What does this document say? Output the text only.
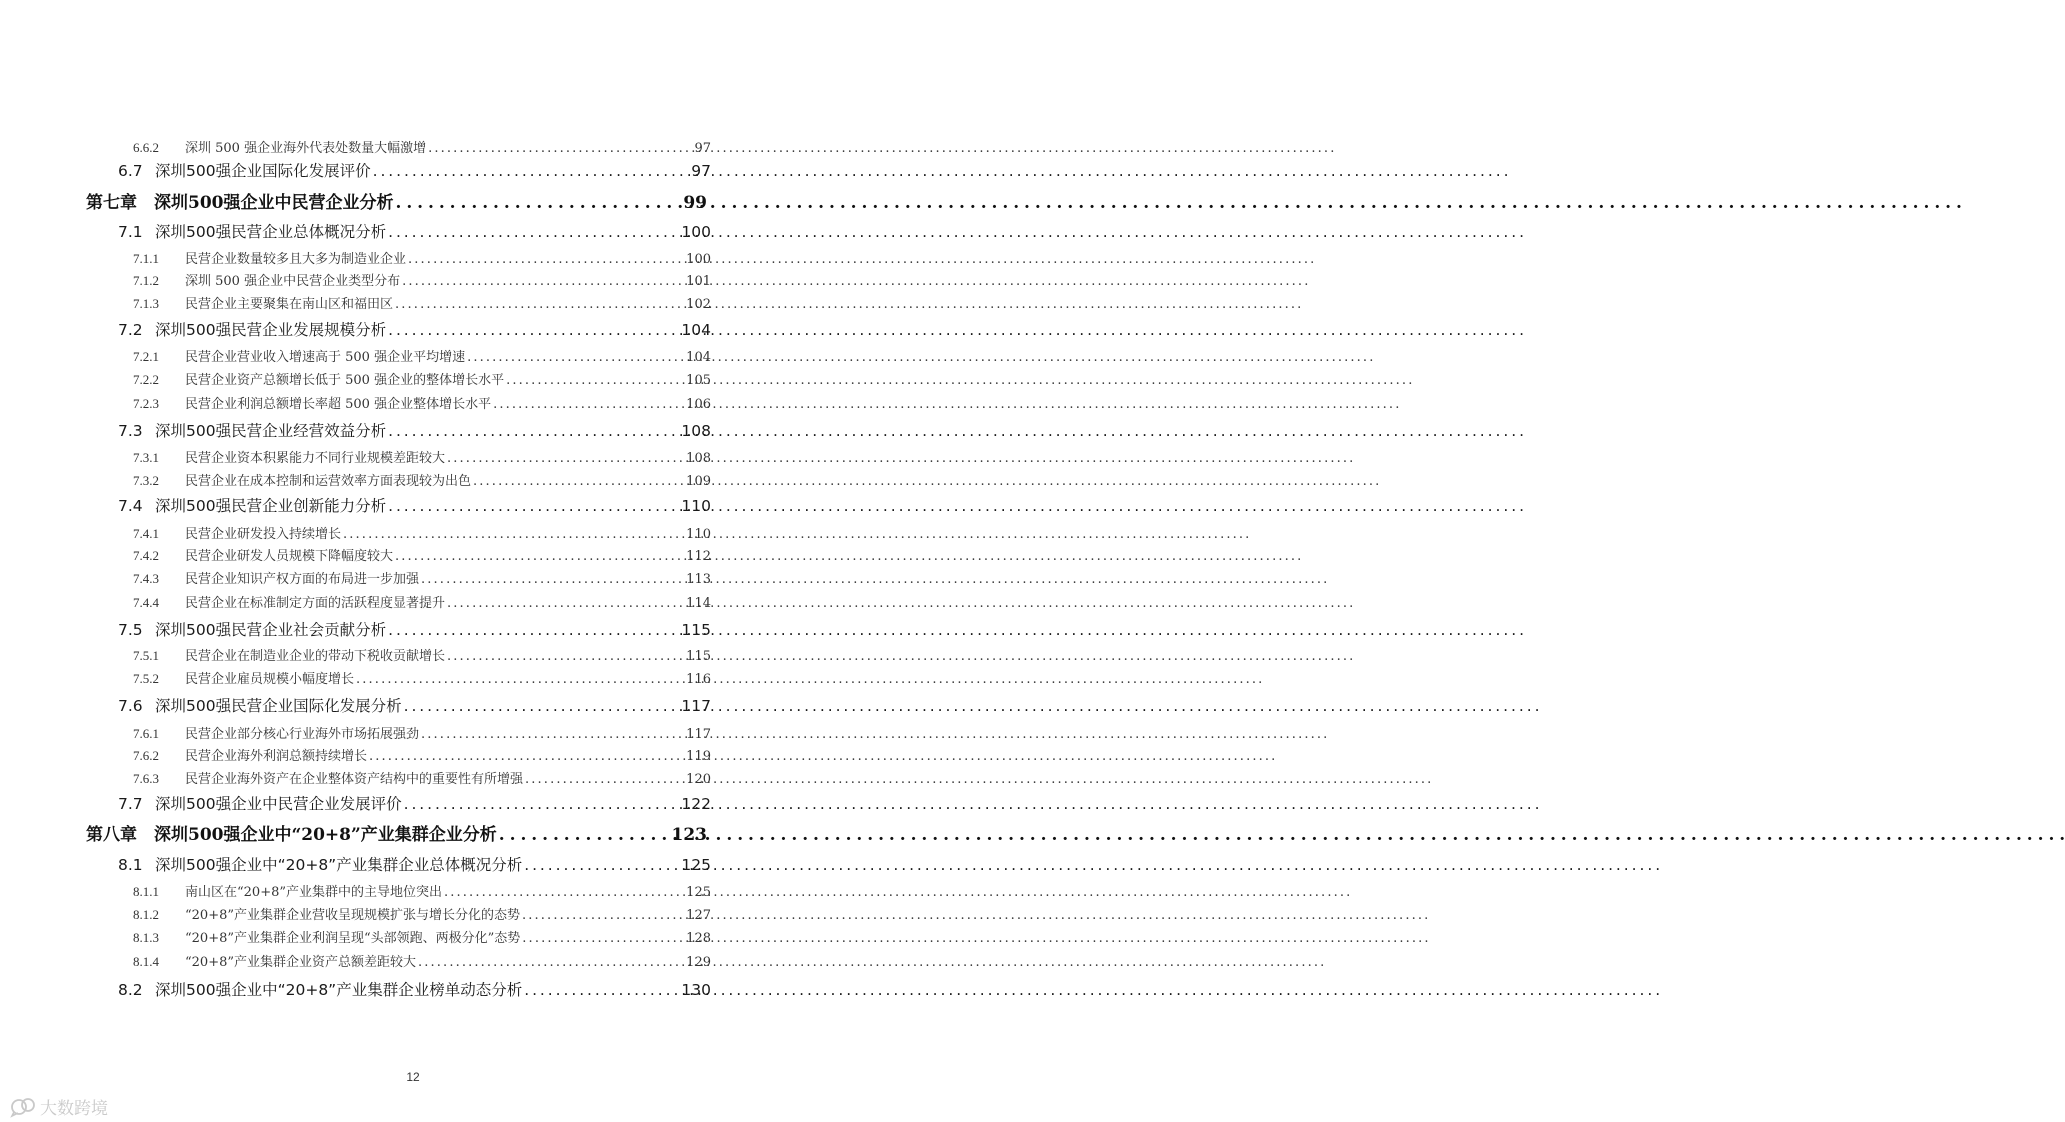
6.6.2	深圳 500 强企业海外代表处数量大幅激增 . . .	97
6.7 深圳500强企业国际化发展评价 . . .	97
第七章	深圳500强企业中民营企业分析 . . .	99
7.1 深圳500强民营企业总体概况分析 . . .	100
7.1.1	民营企业数量较多且大多为制造业企业 . . .	100
7.1.2	深圳 500 强企业中民营企业类型分布 . . .	101
7.1.3	民营企业主要聚集在南山区和福田区 . . .	102
7.2 深圳500强民营企业发展规模分析 . . .	104
7.2.1	民营企业营业收入增速高于 500 强企业平均增速 . . .	104
7.2.2	民营企业资产总额增长低于 500 强企业的整体增长水平 . . .	105
7.2.3	民营企业利润总额增长率超 500 强企业整体增长水平 . . .	106
7.3 深圳500强民营企业经营效益分析 . . .	108
7.3.1	民营企业资本积累能力不同行业规模差距较大 . . .	108
7.3.2	民营企业在成本控制和运营效率方面表现较为出色 . . .	109
7.4 深圳500强民营企业创新能力分析 . . .	110
7.4.1	民营企业研发投入持续增长 . . .	110
7.4.2	民营企业研发人员规模下降幅度较大 . . .	112
7.4.3	民营企业知识产权方面的布局进一步加强 . . .	113
7.4.4	民营企业在标准制定方面的活跃程度显著提升 . . .	114
7.5 深圳500强民营企业社会贡献分析 . . .	115
7.5.1	民营企业在制造业企业的带动下税收贡献增长 . . .	115
7.5.2	民营企业雇员规模小幅度增长 . . .	116
7.6 深圳500强民营企业国际化发展分析 . . .	117
7.6.1	民营企业部分核心行业海外市场拓展强劲 . . .	117
7.6.2	民营企业海外利润总额持续增长 . . .	119
7.6.3	民营企业海外资产在企业整体资产结构中的重要性有所增强 . . .	120
7.7 深圳500强企业中民营企业发展评价 . . .	122
第八章	深圳500强企业中“20+8”产业集群企业分析 . . .	123
8.1 深圳500强企业中“20+8”产业集群企业总体概况分析 . . .	125
8.1.1	南山区在“20+8”产业集群中的主导地位突出 . . .	125
8.1.2	“20+8”产业集群企业营收呈现规模扩张与增长分化的态势 . . .	127
8.1.3	“20+8”产业集群企业利润呈现“头部领跑、两极分化”态势 . . .	128
8.1.4	“20+8”产业集群企业资产总额差距较大 . . .	129
8.2 深圳500强企业中“20+8”产业集群企业榜单动态分析 . . .	130
12
大数跨境
